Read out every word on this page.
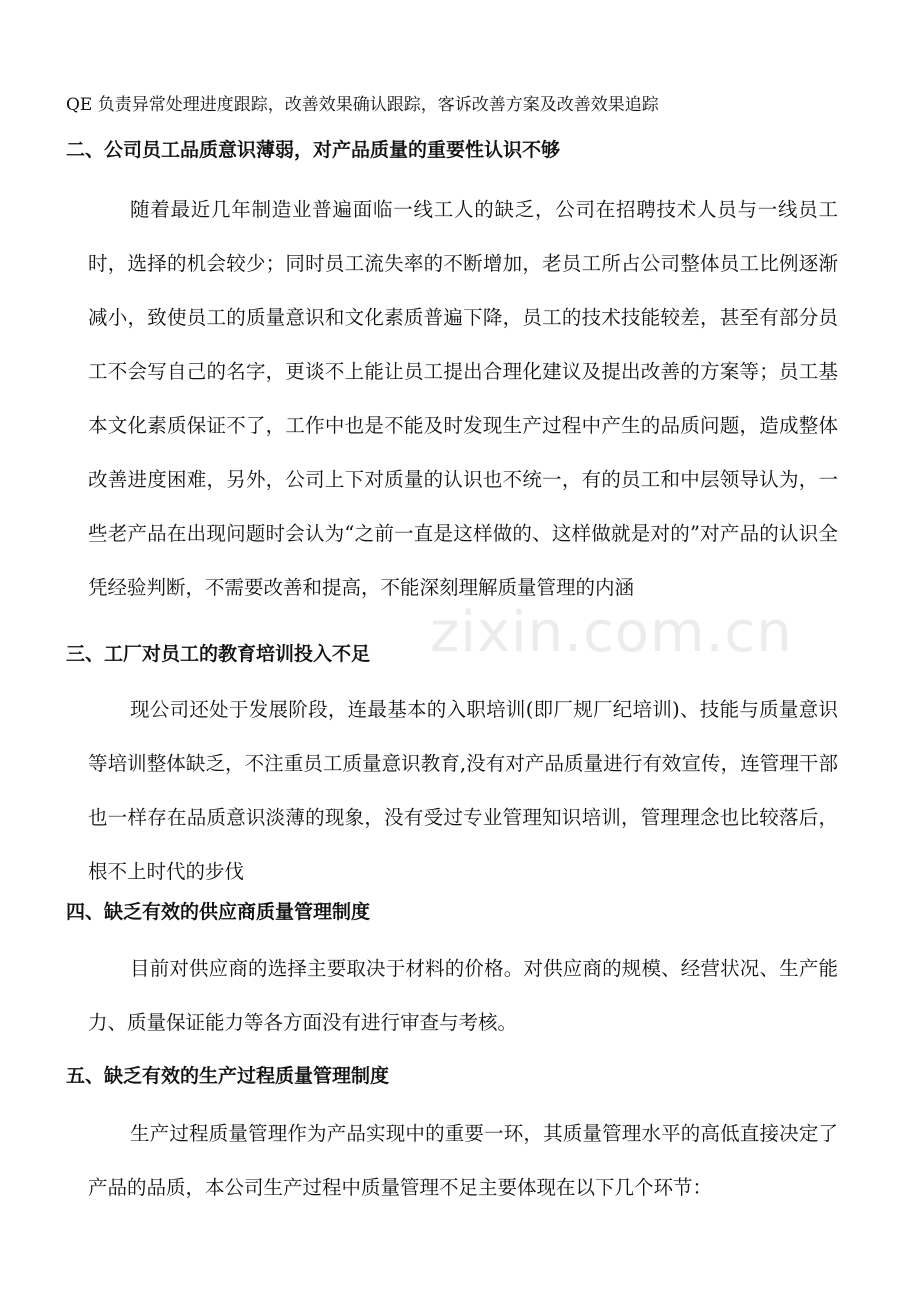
QE 负责异常处理进度跟踪，改善效果确认跟踪，客诉改善方案及改善效果追踪
二、公司员工品质意识薄弱，对产品质量的重要性认识不够
随着最近几年制造业普遍面临一线工人的缺乏，公司在招聘技术人员与一线员工时，选择的机会较少；同时员工流失率的不断增加，老员工所占公司整体员工比例逐渐减小，致使员工的质量意识和文化素质普遍下降，员工的技术技能较差，甚至有部分员工不会写自己的名字，更谈不上能让员工提出合理化建议及提出改善的方案等；员工基本文化素质保证不了，工作中也是不能及时发现生产过程中产生的品质问题，造成整体改善进度困难，另外，公司上下对质量的认识也不统一，有的员工和中层领导认为，一些老产品在出现问题时会认为“之前一直是这样做的、这样做就是对的”对产品的认识全凭经验判断，不需要改善和提高，不能深刻理解质量管理的内涵
三、工厂对员工的教育培训投入不足
现公司还处于发展阶段，连最基本的入职培训(即厂规厂纪培训)、技能与质量意识等培训整体缺乏，不注重员工质量意识教育,没有对产品质量进行有效宣传，连管理干部也一样存在品质意识淡薄的现象，没有受过专业管理知识培训，管理理念也比较落后，根不上时代的步伐
四、缺乏有效的供应商质量管理制度
目前对供应商的选择主要取决于材料的价格。对供应商的规模、经营状况、生产能力、质量保证能力等各方面没有进行审查与考核。
五、缺乏有效的生产过程质量管理制度
生产过程质量管理作为产品实现中的重要一环，其质量管理水平的高低直接决定了产品的品质，本公司生产过程中质量管理不足主要体现在以下几个环节：
zixin.com.cn
